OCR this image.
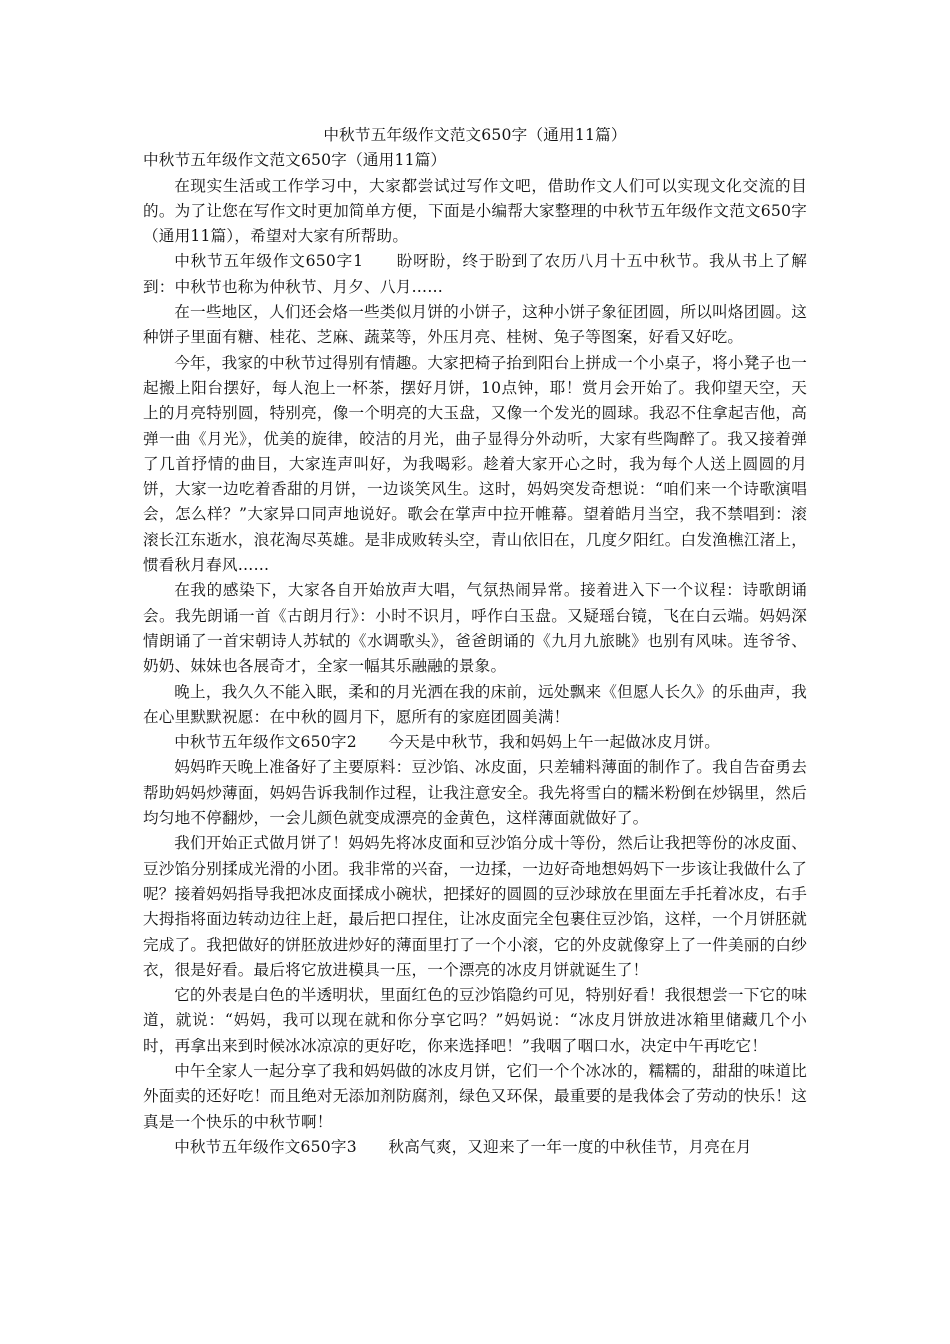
中秋节五年级作文范文650字（通用11篇）

中秋节五年级作文范文650字（通用11篇）

在现实生活或工作学习中，大家都尝试过写作文吧，借助作文人们可以实现文化交流的目的。为了让您在写作文时更加简单方便，下面是小编帮大家整理的中秋节五年级作文范文650字（通用11篇），希望对大家有所帮助。

中秋节五年级作文650字1　　盼呀盼，终于盼到了农历八月十五中秋节。我从书上了解到：中秋节也称为仲秋节、月夕、八月……

在一些地区，人们还会烙一些类似月饼的小饼子，这种小饼子象征团圆，所以叫烙团圆。这种饼子里面有糖、桂花、芝麻、蔬菜等，外压月亮、桂树、兔子等图案，好看又好吃。

今年，我家的中秋节过得别有情趣。大家把椅子抬到阳台上拼成一个小桌子，将小凳子也一起搬上阳台摆好，每人泡上一杯茶，摆好月饼，10点钟，耶！赏月会开始了。我仰望天空，天上的月亮特别圆，特别亮，像一个明亮的大玉盘，又像一个发光的圆球。我忍不住拿起吉他，高弹一曲《月光》，优美的旋律，皎洁的月光，曲子显得分外动听，大家有些陶醉了。我又接着弹了几首抒情的曲目，大家连声叫好，为我喝彩。趁着大家开心之时，我为每个人送上圆圆的月饼，大家一边吃着香甜的月饼，一边谈笑风生。这时，妈妈突发奇想说：“咱们来一个诗歌演唱会，怎么样？”大家异口同声地说好。歌会在掌声中拉开帷幕。望着皓月当空，我不禁唱到：滚滚长江东逝水，浪花淘尽英雄。是非成败转头空，青山依旧在，几度夕阳红。白发渔樵江渚上，惯看秋月春风……

在我的感染下，大家各自开始放声大唱，气氛热闹异常。接着进入下一个议程：诗歌朗诵会。我先朗诵一首《古朗月行》：小时不识月，呼作白玉盘。又疑瑶台镜，飞在白云端。妈妈深情朗诵了一首宋朝诗人苏轼的《水调歌头》，爸爸朗诵的《九月九旅眺》也别有风味。连爷爷、奶奶、妹妹也各展奇才，全家一幅其乐融融的景象。

晚上，我久久不能入眠，柔和的月光洒在我的床前，远处飘来《但愿人长久》的乐曲声，我在心里默默祝愿：在中秋的圆月下，愿所有的家庭团圆美满！

中秋节五年级作文650字2　　今天是中秋节，我和妈妈上午一起做冰皮月饼。

妈妈昨天晚上准备好了主要原料：豆沙馅、冰皮面，只差辅料薄面的制作了。我自告奋勇去帮助妈妈炒薄面，妈妈告诉我制作过程，让我注意安全。我先将雪白的糯米粉倒在炒锅里，然后均匀地不停翻炒，一会儿颜色就变成漂亮的金黄色，这样薄面就做好了。

我们开始正式做月饼了！妈妈先将冰皮面和豆沙馅分成十等份，然后让我把等份的冰皮面、豆沙馅分别揉成光滑的小团。我非常的兴奋，一边揉，一边好奇地想妈妈下一步该让我做什么了呢？接着妈妈指导我把冰皮面揉成小碗状，把揉好的圆圆的豆沙球放在里面左手托着冰皮，右手大拇指将面边转动边往上赶，最后把口捏住，让冰皮面完全包裹住豆沙馅，这样，一个月饼胚就完成了。我把做好的饼胚放进炒好的薄面里打了一个小滚，它的外皮就像穿上了一件美丽的白纱衣，很是好看。最后将它放进模具一压，一个漂亮的冰皮月饼就诞生了！

它的外表是白色的半透明状，里面红色的豆沙馅隐约可见，特别好看！我很想尝一下它的味道，就说：“妈妈，我可以现在就和你分享它吗？”妈妈说：“冰皮月饼放进冰箱里储藏几个小时，再拿出来到时候冰冰凉凉的更好吃，你来选择吧！”我咽了咽口水，决定中午再吃它！

中午全家人一起分享了我和妈妈做的冰皮月饼，它们一个个冰冰的，糯糯的，甜甜的味道比外面卖的还好吃！而且绝对无添加剂防腐剂，绿色又环保，最重要的是我体会了劳动的快乐！这真是一个快乐的中秋节啊！

中秋节五年级作文650字3　　秋高气爽，又迎来了一年一度的中秋佳节，月亮在月
